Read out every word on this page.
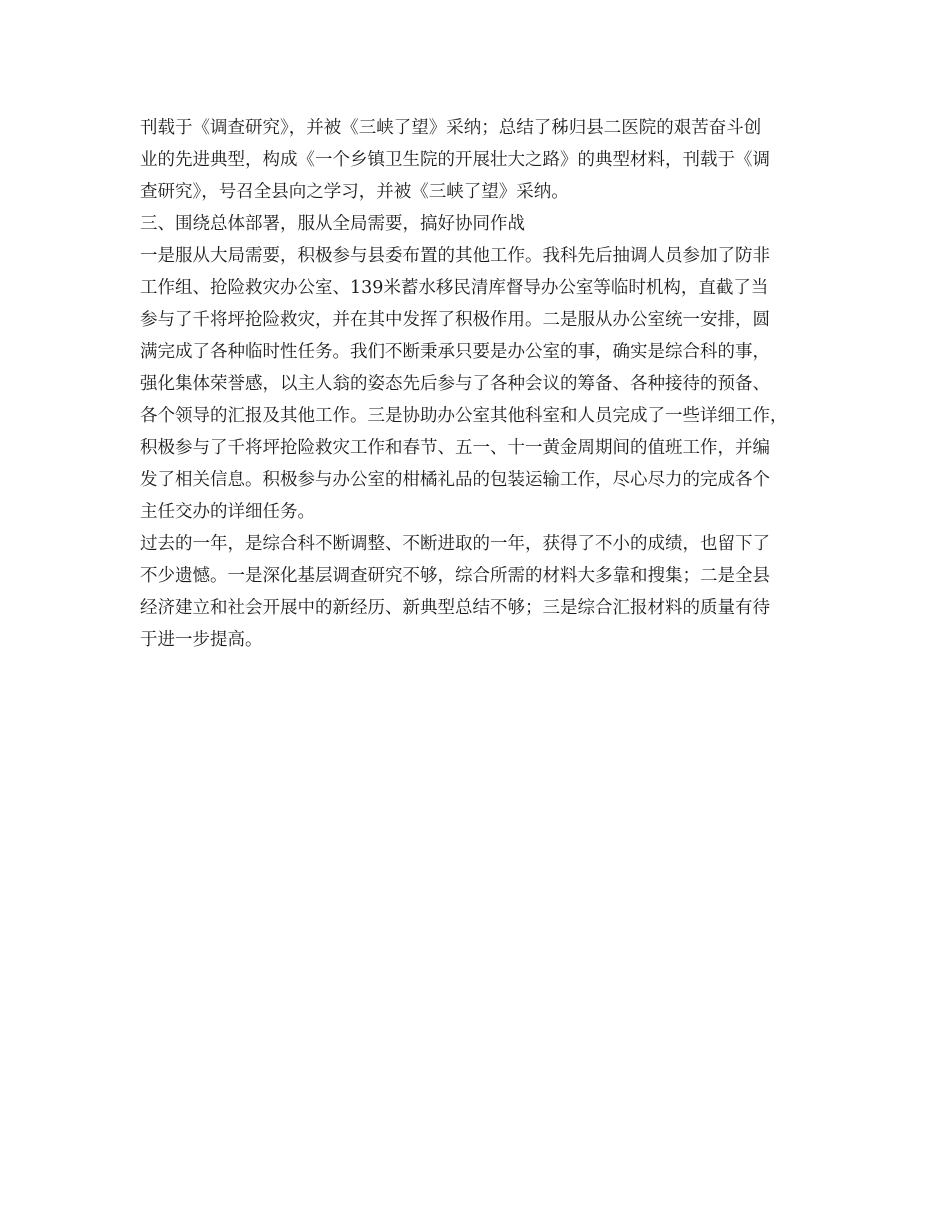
刊载于《调查研究》，并被《三峡了望》采纳；总结了秭归县二医院的艰苦奋斗创
业的先进典型，构成《一个乡镇卫生院的开展壮大之路》的典型材料，刊载于《调
查研究》，号召全县向之学习，并被《三峡了望》采纳。
三、围绕总体部署，服从全局需要，搞好协同作战
一是服从大局需要，积极参与县委布置的其他工作。我科先后抽调人员参加了防非
工作组、抢险救灾办公室、139米蓄水移民清库督导办公室等临时机构，直截了当
参与了千将坪抢险救灾，并在其中发挥了积极作用。二是服从办公室统一安排，圆
满完成了各种临时性任务。我们不断秉承只要是办公室的事，确实是综合科的事，
强化集体荣誉感，以主人翁的姿态先后参与了各种会议的筹备、各种接待的预备、
各个领导的汇报及其他工作。三是协助办公室其他科室和人员完成了一些详细工作，
积极参与了千将坪抢险救灾工作和春节、五一、十一黄金周期间的值班工作，并编
发了相关信息。积极参与办公室的柑橘礼品的包装运输工作，尽心尽力的完成各个
主任交办的详细任务。
过去的一年，是综合科不断调整、不断进取的一年，获得了不小的成绩，也留下了
不少遗憾。一是深化基层调查研究不够，综合所需的材料大多靠和搜集；二是全县
经济建立和社会开展中的新经历、新典型总结不够；三是综合汇报材料的质量有待
于进一步提高。
